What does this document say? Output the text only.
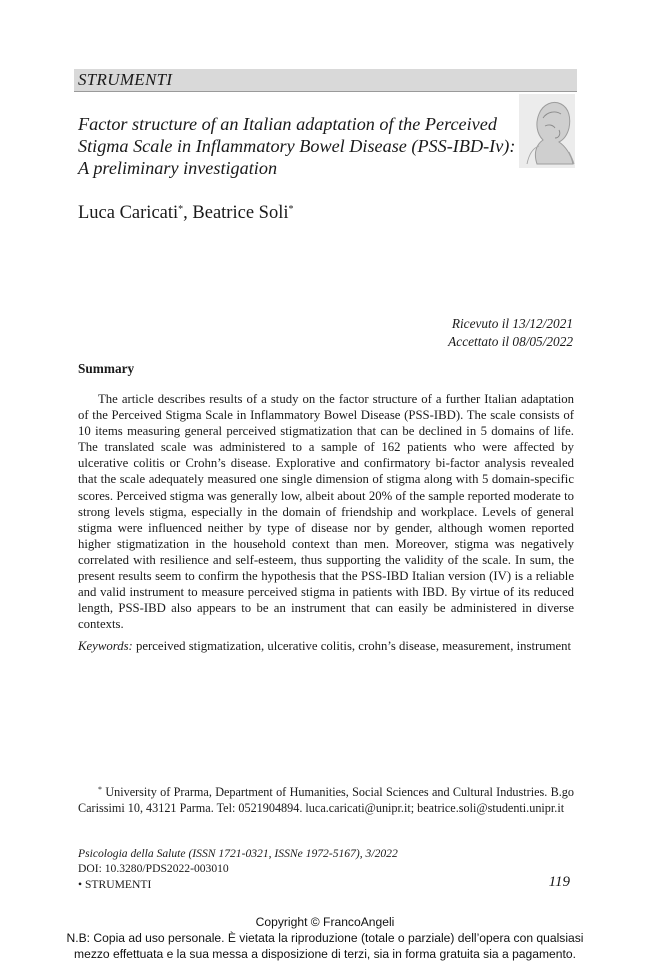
STRUMENTI
Factor structure of an Italian adaptation of the Perceived
Stigma Scale in Inflammatory Bowel Disease (PSS-IBD-Iv):
A preliminary investigation
Luca Caricati*, Beatrice Soli*
Ricevuto il 13/12/2021
Accettato il 08/05/2022
Summary

The article describes results of a study on the factor structure of a further Italian adaptation of the Perceived Stigma Scale in Inflammatory Bowel Disease (PSS-IBD). The scale consists of 10 items measuring general perceived stigmatization that can be declined in 5 domains of life. The translated scale was administered to a sample of 162 patients who were affected by ulcerative colitis or Crohn’s disease. Explorative and confirmatory bi-factor analysis revealed that the scale adequately measured one single dimension of stigma along with 5 domain-specific scores. Perceived stigma was generally low, albeit about 20% of the sample reported moderate to strong levels stigma, especially in the domain of friendship and workplace. Levels of general stigma were influenced neither by type of disease nor by gender, although women reported higher stigmatization in the household context than men. Moreover, stigma was negatively correlated with resilience and self-esteem, thus supporting the validity of the scale. In sum, the present results seem to confirm the hypothesis that the PSS-IBD Italian version (IV) is a reliable and valid instrument to measure perceived stigma in patients with IBD. By virtue of its reduced length, PSS-IBD also appears to be an instrument that can easily be administered in diverse contexts.

Keywords: perceived stigmatization, ulcerative colitis, crohn’s disease, measurement, instrument

* University of Prarma, Department of Humanities, Social Sciences and Cultural Industries. B.go Carissimi 10, 43121 Parma. Tel: 0521904894. luca.caricati@unipr.it; beatrice.soli@studenti.unipr.it

Psicologia della Salute (ISSN 1721-0321, ISSNe 1972-5167), 3/2022
DOI: 10.3280/PDS2022-003010
• STRUMENTI	119
Copyright © FrancoAngeli
N.B: Copia ad uso personale. È vietata la riproduzione (totale o parziale) dell’opera con qualsiasi
mezzo effettuata e la sua messa a disposizione di terzi, sia in forma gratuita sia a pagamento.
